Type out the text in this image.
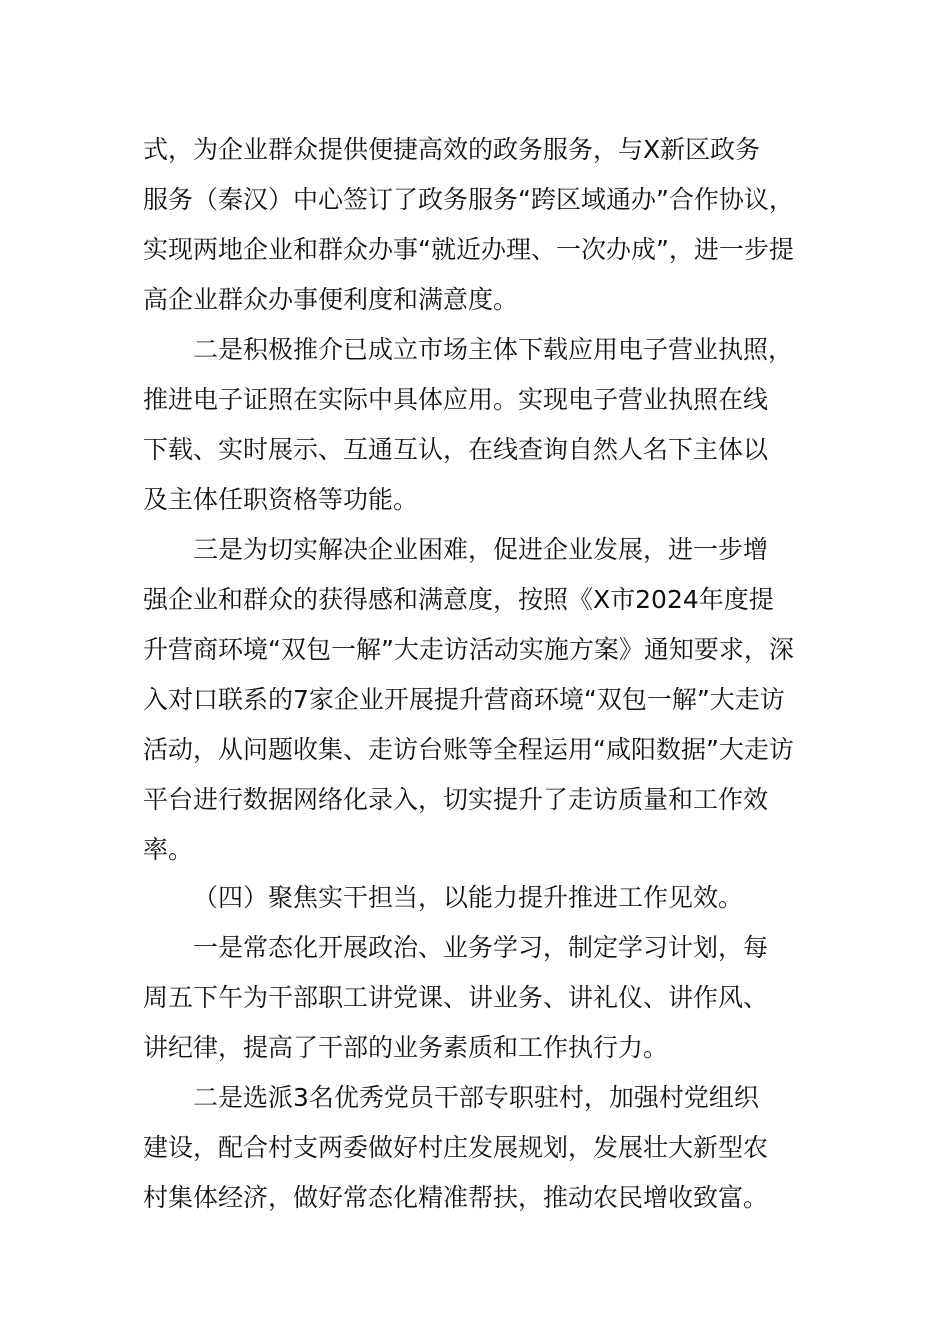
式，为企业群众提供便捷高效的政务服务，与X新区政务
服务（秦汉）中心签订了政务服务“跨区域通办”合作协议，
实现两地企业和群众办事“就近办理、一次办成”，进一步提
高企业群众办事便利度和满意度。
二是积极推介已成立市场主体下载应用电子营业执照，
推进电子证照在实际中具体应用。实现电子营业执照在线
下载、实时展示、互通互认，在线查询自然人名下主体以
及主体任职资格等功能。
三是为切实解决企业困难，促进企业发展，进一步增
强企业和群众的获得感和满意度，按照《X市2024年度提
升营商环境“双包一解”大走访活动实施方案》通知要求，深
入对口联系的7家企业开展提升营商环境“双包一解”大走访
活动，从问题收集、走访台账等全程运用“咸阳数据”大走访
平台进行数据网络化录入，切实提升了走访质量和工作效
率。
（四）聚焦实干担当，以能力提升推进工作见效。
一是常态化开展政治、业务学习，制定学习计划，每
周五下午为干部职工讲党课、讲业务、讲礼仪、讲作风、
讲纪律，提高了干部的业务素质和工作执行力。
二是选派3名优秀党员干部专职驻村，加强村党组织
建设，配合村支两委做好村庄发展规划，发展壮大新型农
村集体经济，做好常态化精准帮扶，推动农民增收致富。
